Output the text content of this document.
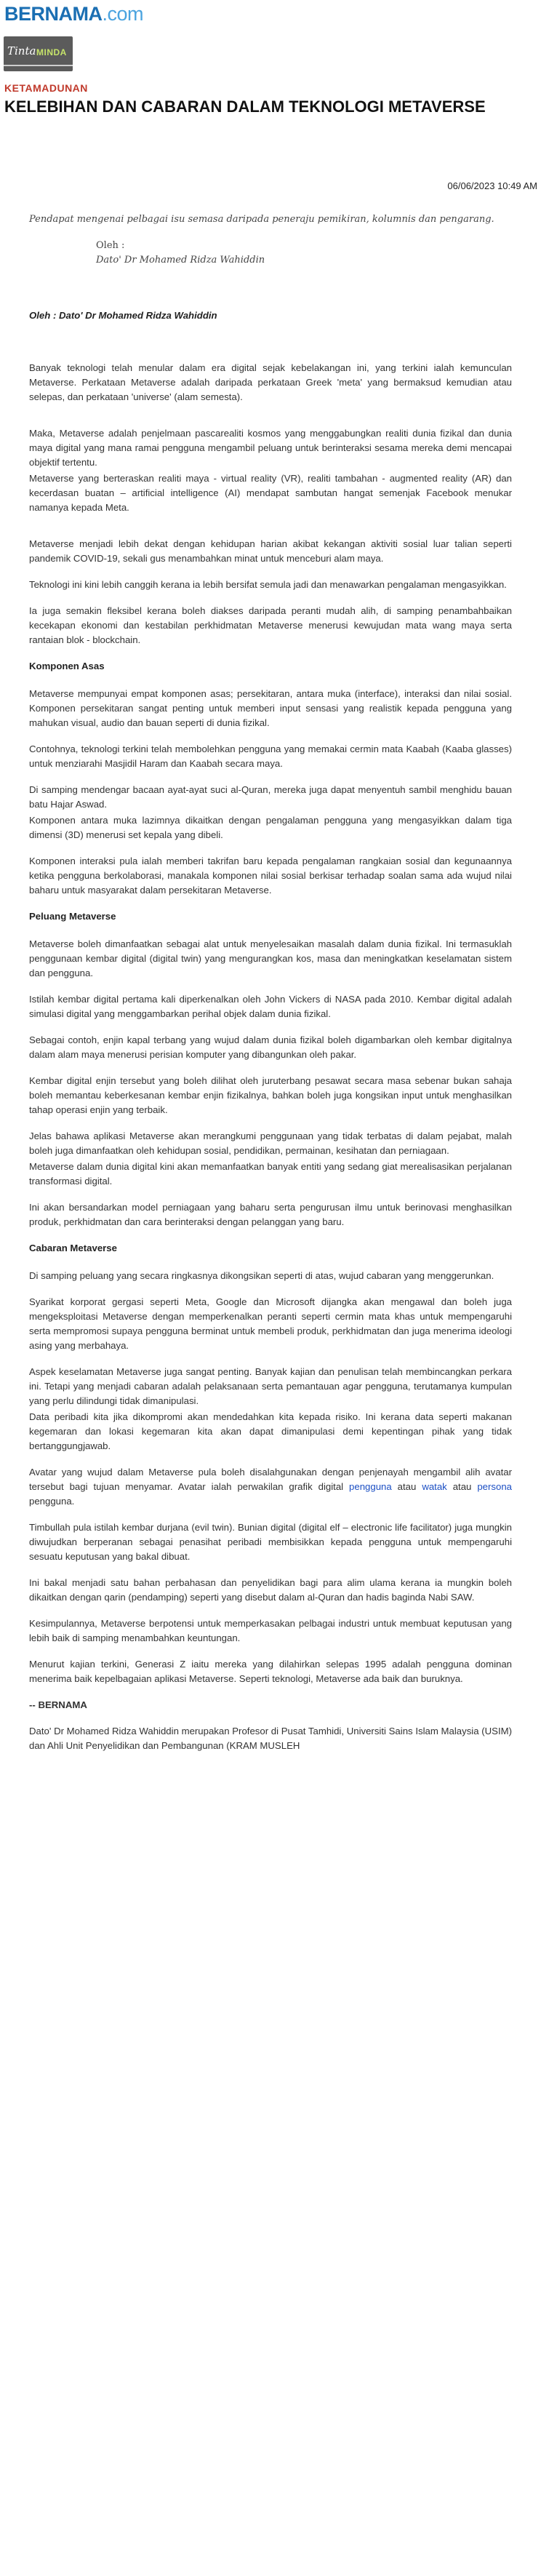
BERNAMA.com
Tinta MINDA
KETAMADUNAN
KELEBIHAN DAN CABARAN DALAM TEKNOLOGI METAVERSE
06/06/2023 10:49 AM

Pendapat mengenai pelbagai isu semasa daripada peneraju pemikiran, kolumnis dan pengarang.

Oleh :
Dato' Dr Mohamed Ridza Wahiddin

Oleh : Dato' Dr Mohamed Ridza Wahiddin

Banyak teknologi telah menular dalam era digital sejak kebelakangan ini, yang terkini ialah kemunculan Metaverse. Perkataan Metaverse adalah daripada perkataan Greek 'meta' yang bermaksud kemudian atau selepas, dan perkataan 'universe' (alam semesta).

Maka, Metaverse adalah penjelmaan pascarealiti kosmos yang menggabungkan realiti dunia fizikal dan dunia maya digital yang mana ramai pengguna mengambil peluang untuk berinteraksi sesama mereka demi mencapai objektif tertentu.

Metaverse yang berteraskan realiti maya - virtual reality (VR), realiti tambahan - augmented reality (AR) dan kecerdasan buatan – artificial intelligence (AI) mendapat sambutan hangat semenjak Facebook menukar namanya kepada Meta.

Metaverse menjadi lebih dekat dengan kehidupan harian akibat kekangan aktiviti sosial luar talian seperti pandemik COVID-19, sekali gus menambahkan minat untuk menceburi alam maya.

Teknologi ini kini lebih canggih kerana ia lebih bersifat semula jadi dan menawarkan pengalaman mengasyikkan.

Ia juga semakin fleksibel kerana boleh diakses daripada peranti mudah alih, di samping penambahbaikan kecekapan ekonomi dan kestabilan perkhidmatan Metaverse menerusi kewujudan mata wang maya serta rantaian blok - blockchain.

Komponen Asas

Metaverse mempunyai empat komponen asas; persekitaran, antara muka (interface), interaksi dan nilai sosial. Komponen persekitaran sangat penting untuk memberi input sensasi yang realistik kepada pengguna yang mahukan visual, audio dan bauan seperti di dunia fizikal.

Contohnya, teknologi terkini telah membolehkan pengguna yang memakai cermin mata Kaabah (Kaaba glasses) untuk menziarahi Masjidil Haram dan Kaabah secara maya.

Di samping mendengar bacaan ayat-ayat suci al-Quran, mereka juga dapat menyentuh sambil menghidu bauan batu Hajar Aswad.

Komponen antara muka lazimnya dikaitkan dengan pengalaman pengguna yang mengasyikkan dalam tiga dimensi (3D) menerusi set kepala yang dibeli.

Komponen interaksi pula ialah memberi takrifan baru kepada pengalaman rangkaian sosial dan kegunaannya ketika pengguna berkolaborasi, manakala komponen nilai sosial berkisar terhadap soalan sama ada wujud nilai baharu untuk masyarakat dalam persekitaran Metaverse.

Peluang Metaverse

Metaverse boleh dimanfaatkan sebagai alat untuk menyelesaikan masalah dalam dunia fizikal. Ini termasuklah penggunaan kembar digital (digital twin) yang mengurangkan kos, masa dan meningkatkan keselamatan sistem dan pengguna.

Istilah kembar digital pertama kali diperkenalkan oleh John Vickers di NASA pada 2010. Kembar digital adalah simulasi digital yang menggambarkan perihal objek dalam dunia fizikal.

Sebagai contoh, enjin kapal terbang yang wujud dalam dunia fizikal boleh digambarkan oleh kembar digitalnya dalam alam maya menerusi perisian komputer yang dibangunkan oleh pakar.

Kembar digital enjin tersebut yang boleh dilihat oleh juruterbang pesawat secara masa sebenar bukan sahaja boleh memantau keberkesanan kembar enjin fizikalnya, bahkan boleh juga kongsikan input untuk menghasilkan tahap operasi enjin yang terbaik.

Jelas bahawa aplikasi Metaverse akan merangkumi penggunaan yang tidak terbatas di dalam pejabat, malah boleh juga dimanfaatkan oleh kehidupan sosial, pendidikan, permainan, kesihatan dan perniagaan.

Metaverse dalam dunia digital kini akan memanfaatkan banyak entiti yang sedang giat merealisasikan perjalanan transformasi digital.

Ini akan bersandarkan model perniagaan yang baharu serta pengurusan ilmu untuk berinovasi menghasilkan produk, perkhidmatan dan cara berinteraksi dengan pelanggan yang baru.

Cabaran Metaverse

Di samping peluang yang secara ringkasnya dikongsikan seperti di atas, wujud cabaran yang menggerunkan.

Syarikat korporat gergasi seperti Meta, Google dan Microsoft dijangka akan mengawal dan boleh juga mengeksploitasi Metaverse dengan memperkenalkan peranti seperti cermin mata khas untuk mempengaruhi serta mempromosi supaya pengguna berminat untuk membeli produk, perkhidmatan dan juga menerima ideologi asing yang merbahaya.

Aspek keselamatan Metaverse juga sangat penting. Banyak kajian dan penulisan telah membincangkan perkara ini. Tetapi yang menjadi cabaran adalah pelaksanaan serta pemantauan agar pengguna, terutamanya kumpulan yang perlu dilindungi tidak dimanipulasi.

Data peribadi kita jika dikompromi akan mendedahkan kita kepada risiko. Ini kerana data seperti makanan kegemaran dan lokasi kegemaran kita akan dapat dimanipulasi demi kepentingan pihak yang tidak bertanggungjawab.

Avatar yang wujud dalam Metaverse pula boleh disalahgunakan dengan penjenayah mengambil alih avatar tersebut bagi tujuan menyamar. Avatar ialah perwakilan grafik digital pengguna atau watak atau persona pengguna.

Timbullah pula istilah kembar durjana (evil twin). Bunian digital (digital elf – electronic life facilitator) juga mungkin diwujudkan berperanan sebagai penasihat peribadi membisikkan kepada pengguna untuk mempengaruhi sesuatu keputusan yang bakal dibuat.

Ini bakal menjadi satu bahan perbahasan dan penyelidikan bagi para alim ulama kerana ia mungkin boleh dikaitkan dengan qarin (pendamping) seperti yang disebut dalam al-Quran dan hadis baginda Nabi SAW.

Kesimpulannya, Metaverse berpotensi untuk memperkasakan pelbagai industri untuk membuat keputusan yang lebih baik di samping menambahkan keuntungan.

Menurut kajian terkini, Generasi Z iaitu mereka yang dilahirkan selepas 1995 adalah pengguna dominan menerima baik kepelbagaian aplikasi Metaverse. Seperti teknologi, Metaverse ada baik dan buruknya.

-- BERNAMA

Dato' Dr Mohamed Ridza Wahiddin merupakan Profesor di Pusat Tamhidi, Universiti Sains Islam Malaysia (USIM) dan Ahli Unit Penyelidikan dan Pembangunan (KRAM MUSLEH
